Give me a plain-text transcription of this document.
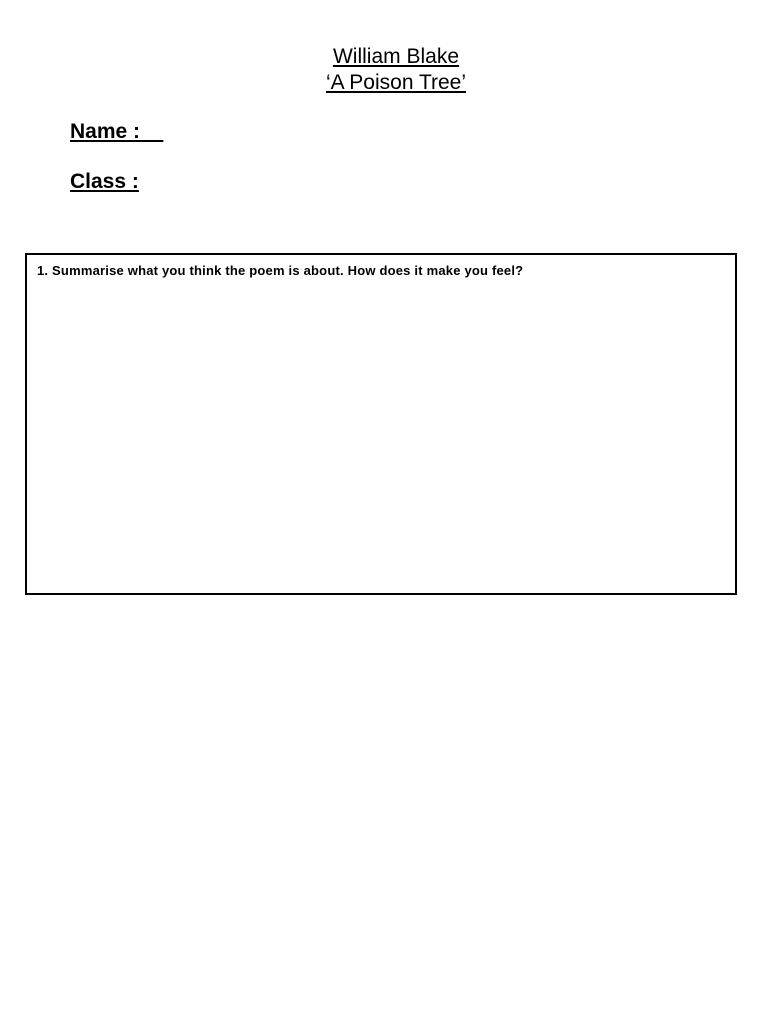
William Blake
‘A Poison Tree’
Name :
Class :
1. Summarise what you think the poem is about. How does it make you feel?
